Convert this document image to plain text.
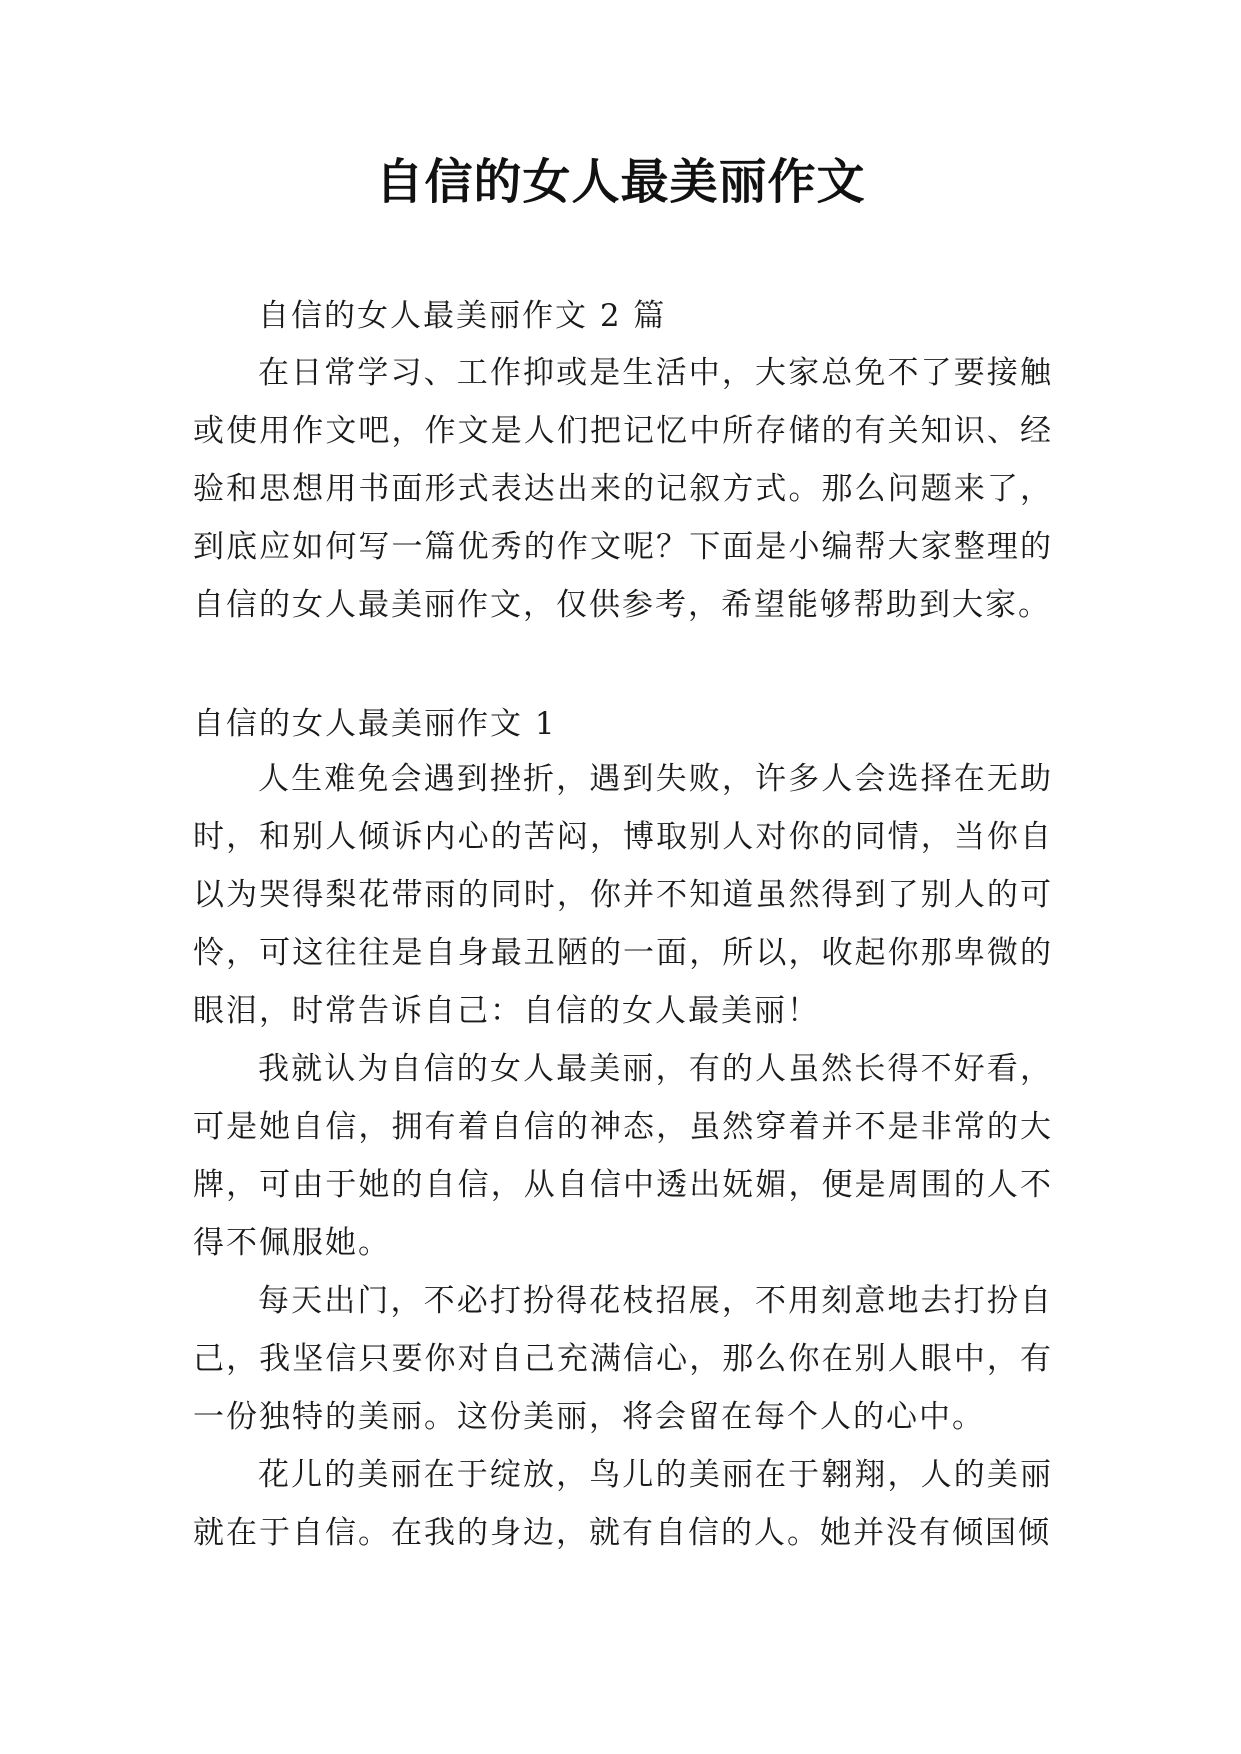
自信的女人最美丽作文
自信的女人最美丽作文 2 篇

在日常学习、工作抑或是生活中，大家总免不了要接触或使用作文吧，作文是人们把记忆中所存储的有关知识、经验和思想用书面形式表达出来的记叙方式。那么问题来了，到底应如何写一篇优秀的作文呢？下面是小编帮大家整理的自信的女人最美丽作文，仅供参考，希望能够帮助到大家。

自信的女人最美丽作文 1

人生难免会遇到挫折，遇到失败，许多人会选择在无助时，和别人倾诉内心的苦闷，博取别人对你的同情，当你自以为哭得梨花带雨的同时，你并不知道虽然得到了别人的可怜，可这往往是自身最丑陋的一面，所以，收起你那卑微的眼泪，时常告诉自己：自信的女人最美丽！

我就认为自信的女人最美丽，有的人虽然长得不好看，可是她自信，拥有着自信的神态，虽然穿着并不是非常的大牌，可由于她的自信，从自信中透出妩媚，便是周围的人不得不佩服她。

每天出门，不必打扮得花枝招展，不用刻意地去打扮自己，我坚信只要你对自己充满信心，那么你在别人眼中，有一份独特的美丽。这份美丽，将会留在每个人的心中。

花儿的美丽在于绽放，鸟儿的美丽在于翱翔，人的美丽就在于自信。在我的身边，就有自信的人。她并没有倾国倾
